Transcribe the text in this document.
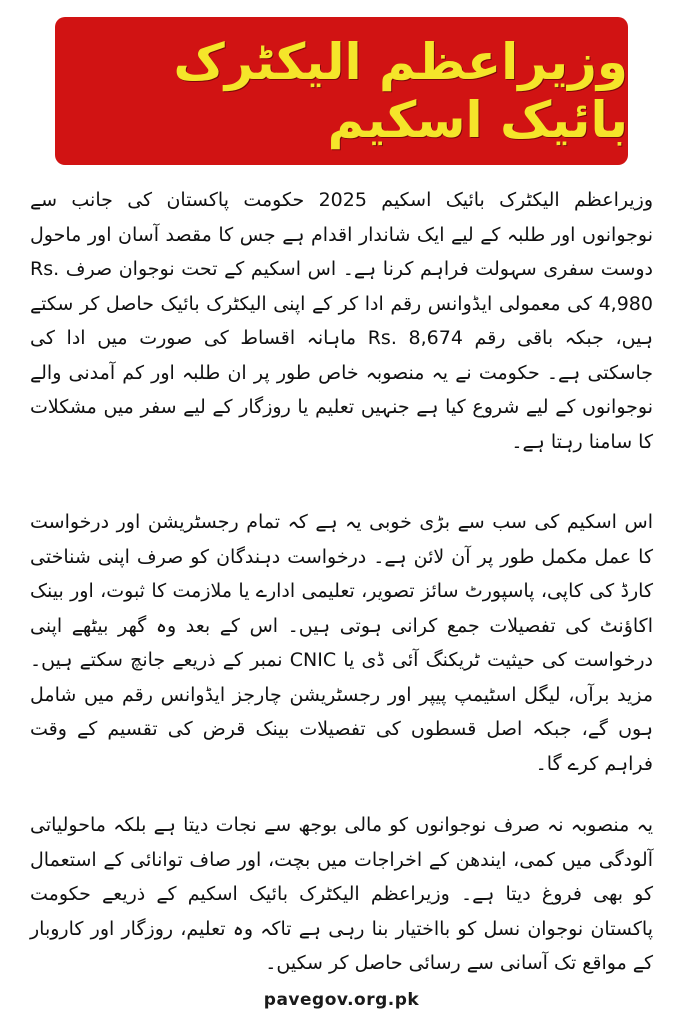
وزیراعظم الیکٹرک بائیک اسکیم
وزیراعظم الیکٹرک بائیک اسکیم 2025 حکومت پاکستان کی جانب سے نوجوانوں اور طلبہ کے لیے ایک شاندار اقدام ہے جس کا مقصد آسان اور ماحول دوست سفری سہولت فراہم کرنا ہے۔ اس اسکیم کے تحت نوجوان صرف Rs. 4,980 کی معمولی ایڈوانس رقم ادا کر کے اپنی الیکٹرک بائیک حاصل کر سکتے ہیں، جبکہ باقی رقم Rs. 8,674 ماہانہ اقساط کی صورت میں ادا کی جاسکتی ہے۔ حکومت نے یہ منصوبہ خاص طور پر ان طلبہ اور کم آمدنی والے نوجوانوں کے لیے شروع کیا ہے جنہیں تعلیم یا روزگار کے لیے سفر میں مشکلات کا سامنا رہتا ہے۔
اس اسکیم کی سب سے بڑی خوبی یہ ہے کہ تمام رجسٹریشن اور درخواست کا عمل مکمل طور پر آن لائن ہے۔ درخواست دہندگان کو صرف اپنی شناختی کارڈ کی کاپی، پاسپورٹ سائز تصویر، تعلیمی ادارے یا ملازمت کا ثبوت، اور بینک اکاؤنٹ کی تفصیلات جمع کرانی ہوتی ہیں۔ اس کے بعد وہ گھر بیٹھے اپنی درخواست کی حیثیت ٹریکنگ آئی ڈی یا CNIC نمبر کے ذریعے جانچ سکتے ہیں۔ مزید برآں، لیگل اسٹیمپ پیپر اور رجسٹریشن چارجز ایڈوانس رقم میں شامل ہوں گے، جبکہ اصل قسطوں کی تفصیلات بینک قرض کی تقسیم کے وقت فراہم کرے گا۔
یہ منصوبہ نہ صرف نوجوانوں کو مالی بوجھ سے نجات دیتا ہے بلکہ ماحولیاتی آلودگی میں کمی، ایندھن کے اخراجات میں بچت، اور صاف توانائی کے استعمال کو بھی فروغ دیتا ہے۔ وزیراعظم الیکٹرک بائیک اسکیم کے ذریعے حکومت پاکستان نوجوان نسل کو بااختیار بنا رہی ہے تاکہ وہ تعلیم، روزگار اور کاروبار کے مواقع تک آسانی سے رسائی حاصل کر سکیں۔
pavegov.org.pk
